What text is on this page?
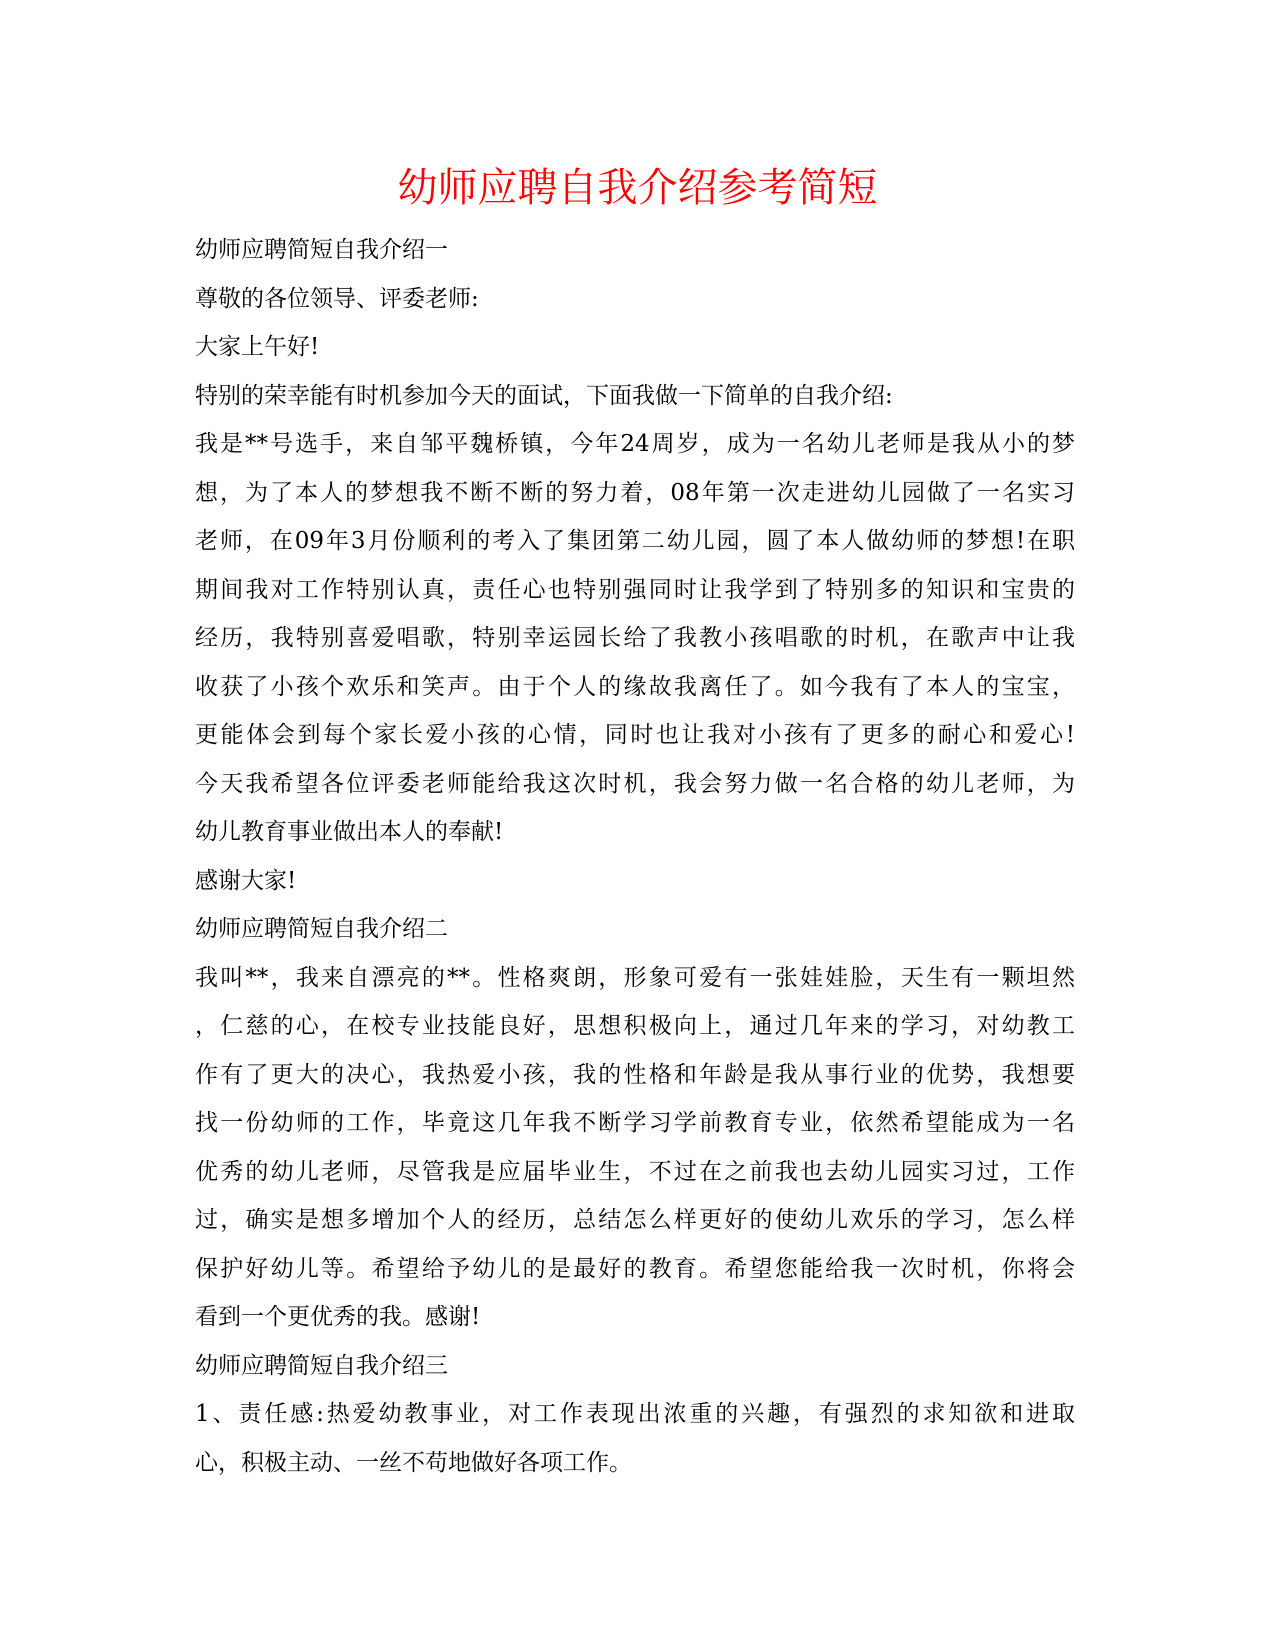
幼师应聘自我介绍参考简短

幼师应聘简短自我介绍一

尊敬的各位领导、评委老师:

大家上午好!

特别的荣幸能有时机参加今天的面试，下面我做一下简单的自我介绍:

我是**号选手，来自邹平魏桥镇，今年24周岁，成为一名幼儿老师是我从小的梦

想，为了本人的梦想我不断不断的努力着，08年第一次走进幼儿园做了一名实习

老师，在09年3月份顺利的考入了集团第二幼儿园，圆了本人做幼师的梦想!在职

期间我对工作特别认真，责任心也特别强同时让我学到了特别多的知识和宝贵的

经历，我特别喜爱唱歌，特别幸运园长给了我教小孩唱歌的时机，在歌声中让我

收获了小孩个欢乐和笑声。由于个人的缘故我离任了。如今我有了本人的宝宝，

更能体会到每个家长爱小孩的心情，同时也让我对小孩有了更多的耐心和爱心!

今天我希望各位评委老师能给我这次时机，我会努力做一名合格的幼儿老师，为

幼儿教育事业做出本人的奉献!

感谢大家!

幼师应聘简短自我介绍二

我叫**，我来自漂亮的**。性格爽朗，形象可爱有一张娃娃脸，天生有一颗坦然

，仁慈的心，在校专业技能良好，思想积极向上，通过几年来的学习，对幼教工

作有了更大的决心，我热爱小孩，我的性格和年龄是我从事行业的优势，我想要

找一份幼师的工作，毕竟这几年我不断学习学前教育专业，依然希望能成为一名

优秀的幼儿老师，尽管我是应届毕业生，不过在之前我也去幼儿园实习过，工作

过，确实是想多增加个人的经历，总结怎么样更好的使幼儿欢乐的学习，怎么样

保护好幼儿等。希望给予幼儿的是最好的教育。希望您能给我一次时机，你将会

看到一个更优秀的我。感谢!

幼师应聘简短自我介绍三

1、责任感:热爱幼教事业，对工作表现出浓重的兴趣，有强烈的求知欲和进取

心，积极主动、一丝不苟地做好各项工作。
